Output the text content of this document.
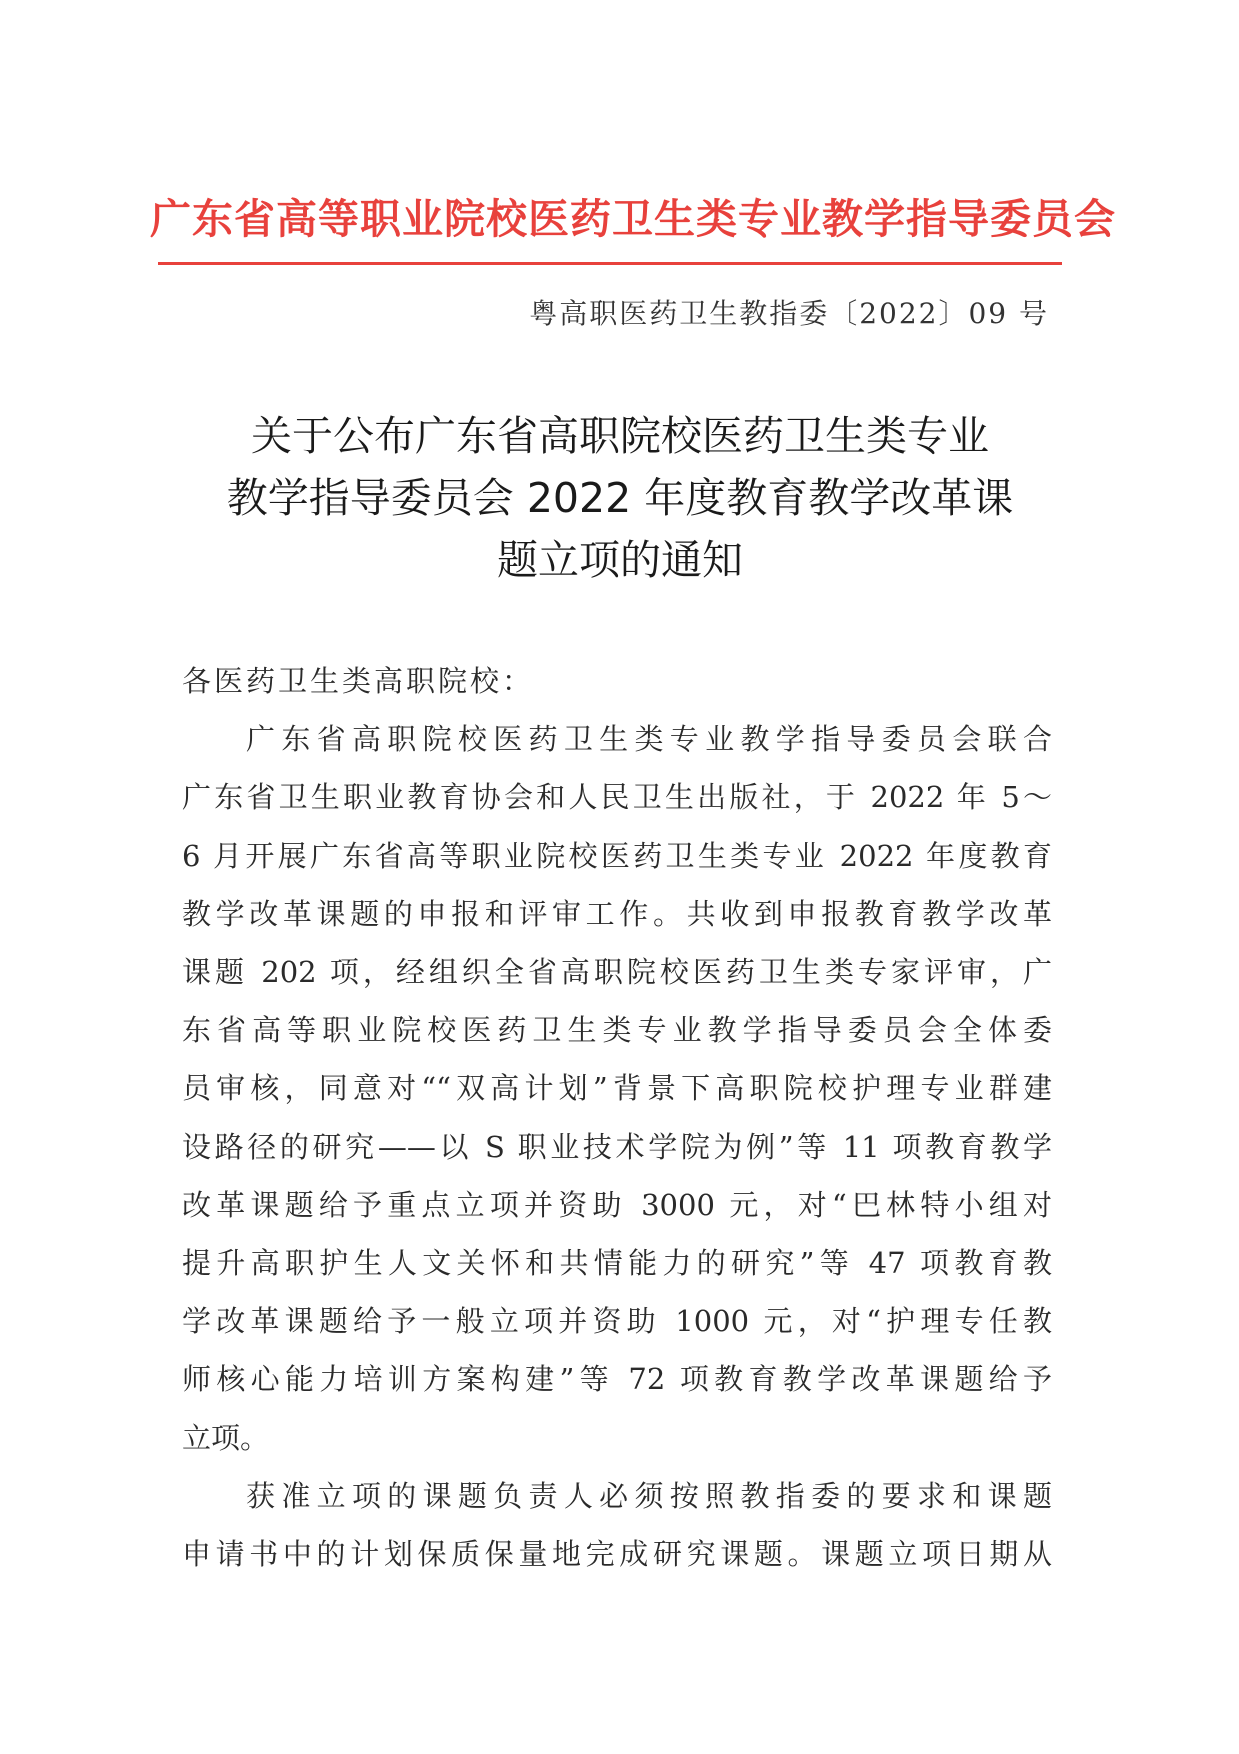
广东省高等职业院校医药卫生类专业教学指导委员会
粤高职医药卫生教指委〔2022〕09 号
关于公布广东省高职院校医药卫生类专业
教学指导委员会 2022 年度教育教学改革课
题立项的通知
各医药卫生类高职院校：
广东省高职院校医药卫生类专业教学指导委员会联合
广东省卫生职业教育协会和人民卫生出版社，于 2022 年 5～
6 月开展广东省高等职业院校医药卫生类专业 2022 年度教育
教学改革课题的申报和评审工作。共收到申报教育教学改革
课题 202 项，经组织全省高职院校医药卫生类专家评审，广
东省高等职业院校医药卫生类专业教学指导委员会全体委
员审核，同意对““双高计划”背景下高职院校护理专业群建
设路径的研究——以 S 职业技术学院为例”等 11 项教育教学
改革课题给予重点立项并资助 3000 元，对“巴林特小组对
提升高职护生人文关怀和共情能力的研究”等 47 项教育教
学改革课题给予一般立项并资助 1000 元，对“护理专任教
师核心能力培训方案构建”等 72 项教育教学改革课题给予
立项。
获准立项的课题负责人必须按照教指委的要求和课题
申请书中的计划保质保量地完成研究课题。课题立项日期从
